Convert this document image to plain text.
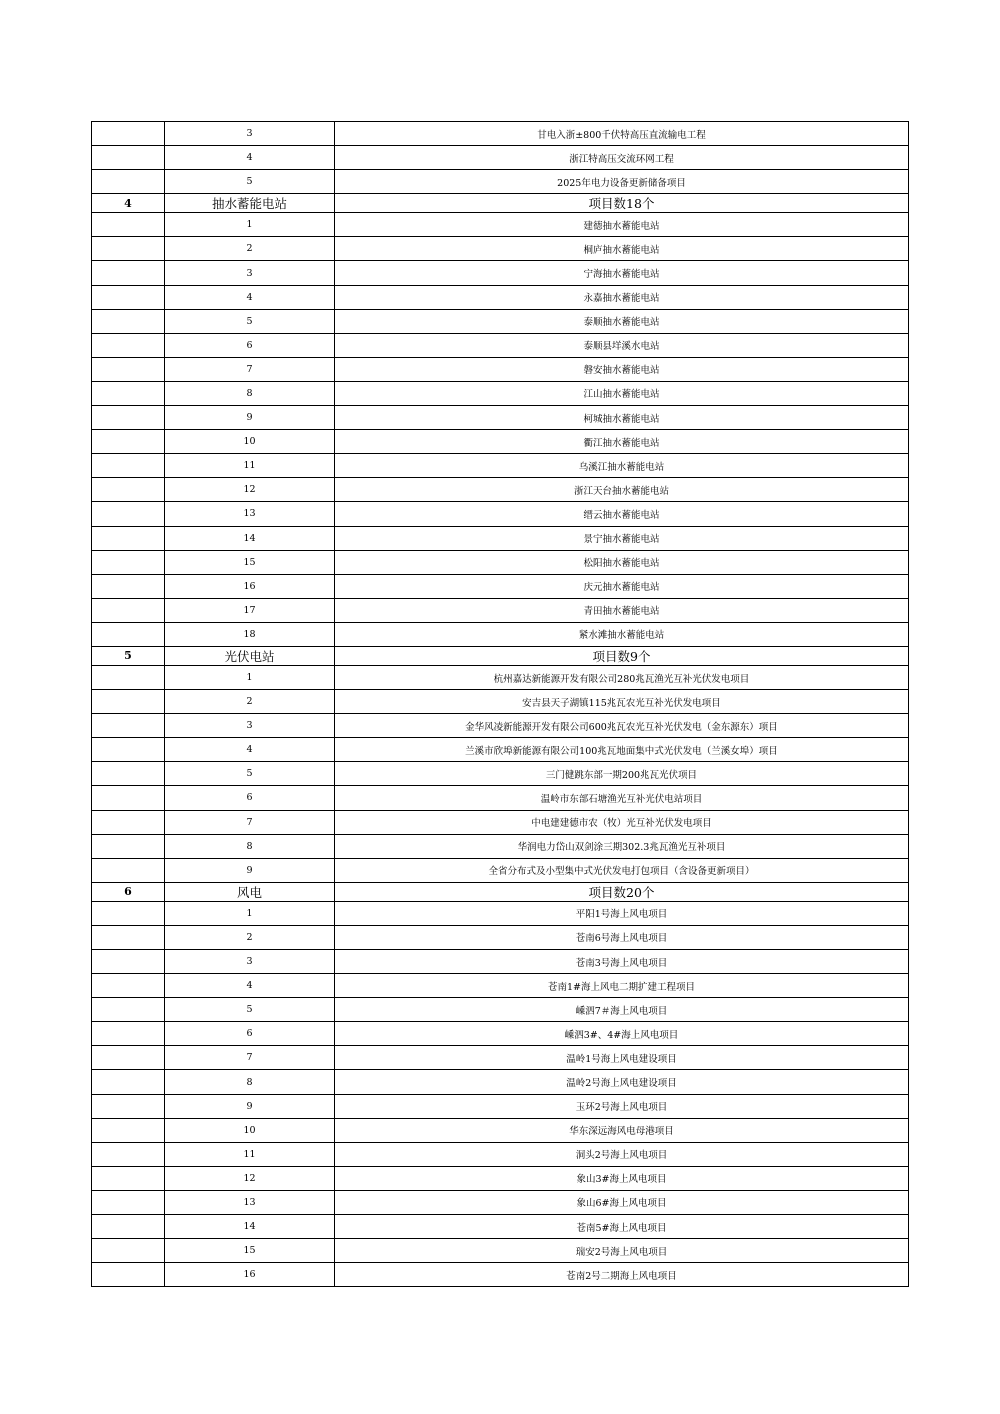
	3	甘电入浙±800千伏特高压直流输电工程
	4	浙江特高压交流环网工程
	5	2025年电力设备更新储备项目
4	抽水蓄能电站	项目数18个
	1	建德抽水蓄能电站
	2	桐庐抽水蓄能电站
	3	宁海抽水蓄能电站
	4	永嘉抽水蓄能电站
	5	泰顺抽水蓄能电站
	6	泰顺县垟溪水电站
	7	磐安抽水蓄能电站
	8	江山抽水蓄能电站
	9	柯城抽水蓄能电站
	10	衢江抽水蓄能电站
	11	乌溪江抽水蓄能电站
	12	浙江天台抽水蓄能电站
	13	缙云抽水蓄能电站
	14	景宁抽水蓄能电站
	15	松阳抽水蓄能电站
	16	庆元抽水蓄能电站
	17	青田抽水蓄能电站
	18	紧水滩抽水蓄能电站
5	光伏电站	项目数9个
	1	杭州嘉达新能源开发有限公司280兆瓦渔光互补光伏发电项目
	2	安吉县天子湖镇115兆瓦农光互补光伏发电项目
	3	金华风凌新能源开发有限公司600兆瓦农光互补光伏发电（金东源东）项目
	4	兰溪市欣埠新能源有限公司100兆瓦地面集中式光伏发电（兰溪女埠）项目
	5	三门健跳东部一期200兆瓦光伏项目
	6	温岭市东部石塘渔光互补光伏电站项目
	7	中电建建德市农（牧）光互补光伏发电项目
	8	华润电力岱山双剑涂三期302.3兆瓦渔光互补项目
	9	全省分布式及小型集中式光伏发电打包项目（含设备更新项目）
6	风电	项目数20个
	1	平阳1号海上风电项目
	2	苍南6号海上风电项目
	3	苍南3号海上风电项目
	4	苍南1#海上风电二期扩建工程项目
	5	嵊泗7＃海上风电项目
	6	嵊泗3#、4#海上风电项目
	7	温岭1号海上风电建设项目
	8	温岭2号海上风电建设项目
	9	玉环2号海上风电项目
	10	华东深远海风电母港项目
	11	洞头2号海上风电项目
	12	象山3#海上风电项目
	13	象山6#海上风电项目
	14	苍南5#海上风电项目
	15	瑞安2号海上风电项目
	16	苍南2号二期海上风电项目
